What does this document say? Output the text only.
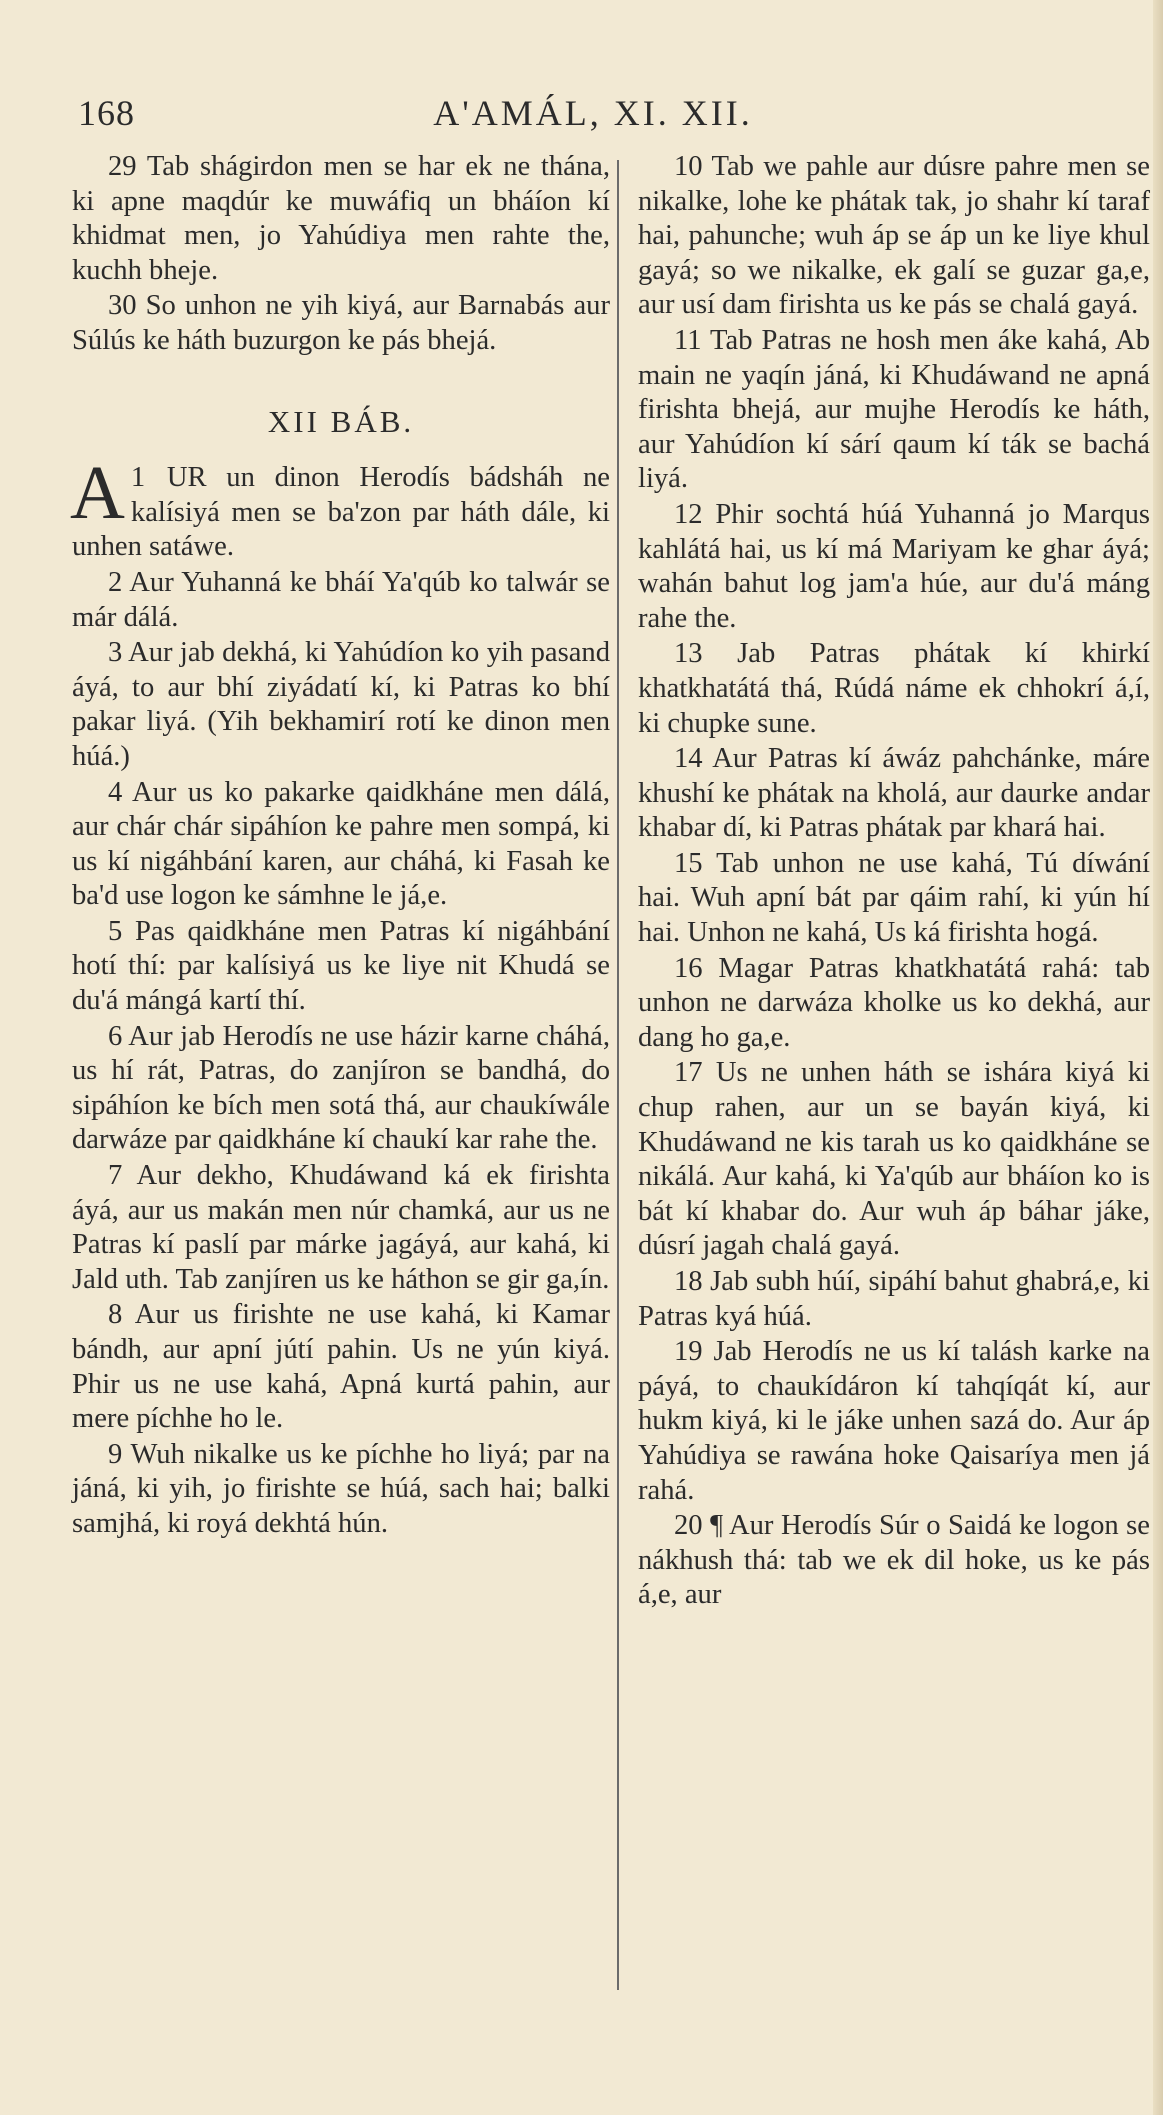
168	A'AMÁL, XI. XII.

29 Tab shágirdon men se har ek ne thána, ki apne maqdúr ke muwáfiq un bháíon kí khidmat men, jo Yahúdiya men rahte the, kuchh bheje.

30 So unhon ne yih kiyá, aur Barnabás aur Súlús ke háth buzurgon ke pás bhejá.

XII BÁB.

1
A UR un dinon Herodís bádsháh ne kalísiyá men se ba'zon par háth dále, ki unhen satáwe.

2 Aur Yuhanná ke bháí Ya'qúb ko talwár se már dálá.

3 Aur jab dekhá, ki Yahúdíon ko yih pasand áyá, to aur bhí ziyádatí kí, ki Patras ko bhí pakar liyá. (Yih bekhamirí rotí ke dinon men húá.)

4 Aur us ko pakarke qaidkháne men dálá, aur chár chár sipáhíon ke pahre men sompá, ki us kí nigáhbání karen, aur cháhá, ki Fasah ke ba'd use logon ke sámhne le já,e.

5 Pas qaidkháne men Patras kí nigáhbání hotí thí: par kalísiyá us ke liye nit Khudá se du'á mángá kartí thí.

6 Aur jab Herodís ne use házir karne cháhá, us hí rát, Patras, do zanjíron se bandhá, do sipáhíon ke bích men sotá thá, aur chaukíwále darwáze par qaidkháne kí chaukí kar rahe the.

7 Aur dekho, Khudáwand ká ek firishta áyá, aur us makán men núr chamká, aur us ne Patras kí paslí par márke jagáyá, aur kahá, ki Jald uth. Tab zanjíren us ke háthon se gir ga,ín.

8 Aur us firishte ne use kahá, ki Kamar bándh, aur apní jútí pahin. Us ne yún kiyá. Phir us ne use kahá, Apná kurtá pahin, aur mere píchhe ho le.

9 Wuh nikalke us ke píchhe ho liyá; par na jáná, ki yih, jo firishte se húá, sach hai; balki samjhá, ki royá dekhtá hún.

10 Tab we pahle aur dúsre pahre men se nikalke, lohe ke phátak tak, jo shahr kí taraf hai, pahunche; wuh áp se áp un ke liye khul gayá; so we nikalke, ek galí se guzar ga,e, aur usí dam firishta us ke pás se chalá gayá.

11 Tab Patras ne hosh men áke kahá, Ab main ne yaqín jáná, ki Khudáwand ne apná firishta bhejá, aur mujhe Herodís ke háth, aur Yahúdíon kí sárí qaum kí ták se bachá liyá.

12 Phir sochtá húá Yuhanná jo Marqus kahlátá hai, us kí má Mariyam ke ghar áyá; wahán bahut log jam'a húe, aur du'á máng rahe the.

13 Jab Patras phátak kí khirkí khatkhatátá thá, Rúdá náme ek chhokrí á,í, ki chupke sune.

14 Aur Patras kí áwáz pahchánke, máre khushí ke phátak na kholá, aur daurke andar khabar dí, ki Patras phátak par khará hai.

15 Tab unhon ne use kahá, Tú díwání hai. Wuh apní bát par qáim rahí, ki yún hí hai. Unhon ne kahá, Us ká firishta hogá.

16 Magar Patras khatkhatátá rahá: tab unhon ne darwáza kholke us ko dekhá, aur dang ho ga,e.

17 Us ne unhen háth se ishára kiyá ki chup rahen, aur un se bayán kiyá, ki Khudáwand ne kis tarah us ko qaidkháne se nikálá. Aur kahá, ki Ya'qúb aur bháíon ko is bát kí khabar do. Aur wuh áp báhar jáke, dúsrí jagah chalá gayá.

18 Jab subh húí, sipáhí bahut ghabrá,e, ki Patras kyá húá.

19 Jab Herodís ne us kí talásh karke na páyá, to chaukídáron kí tahqíqát kí, aur hukm kiyá, ki le jáke unhen sazá do. Aur áp Yahúdiya se rawána hoke Qaisaríya men já rahá.

20 ¶ Aur Herodís Súr o Saidá ke logon se nákhush thá: tab we ek dil hoke, us ke pás á,e, aur
